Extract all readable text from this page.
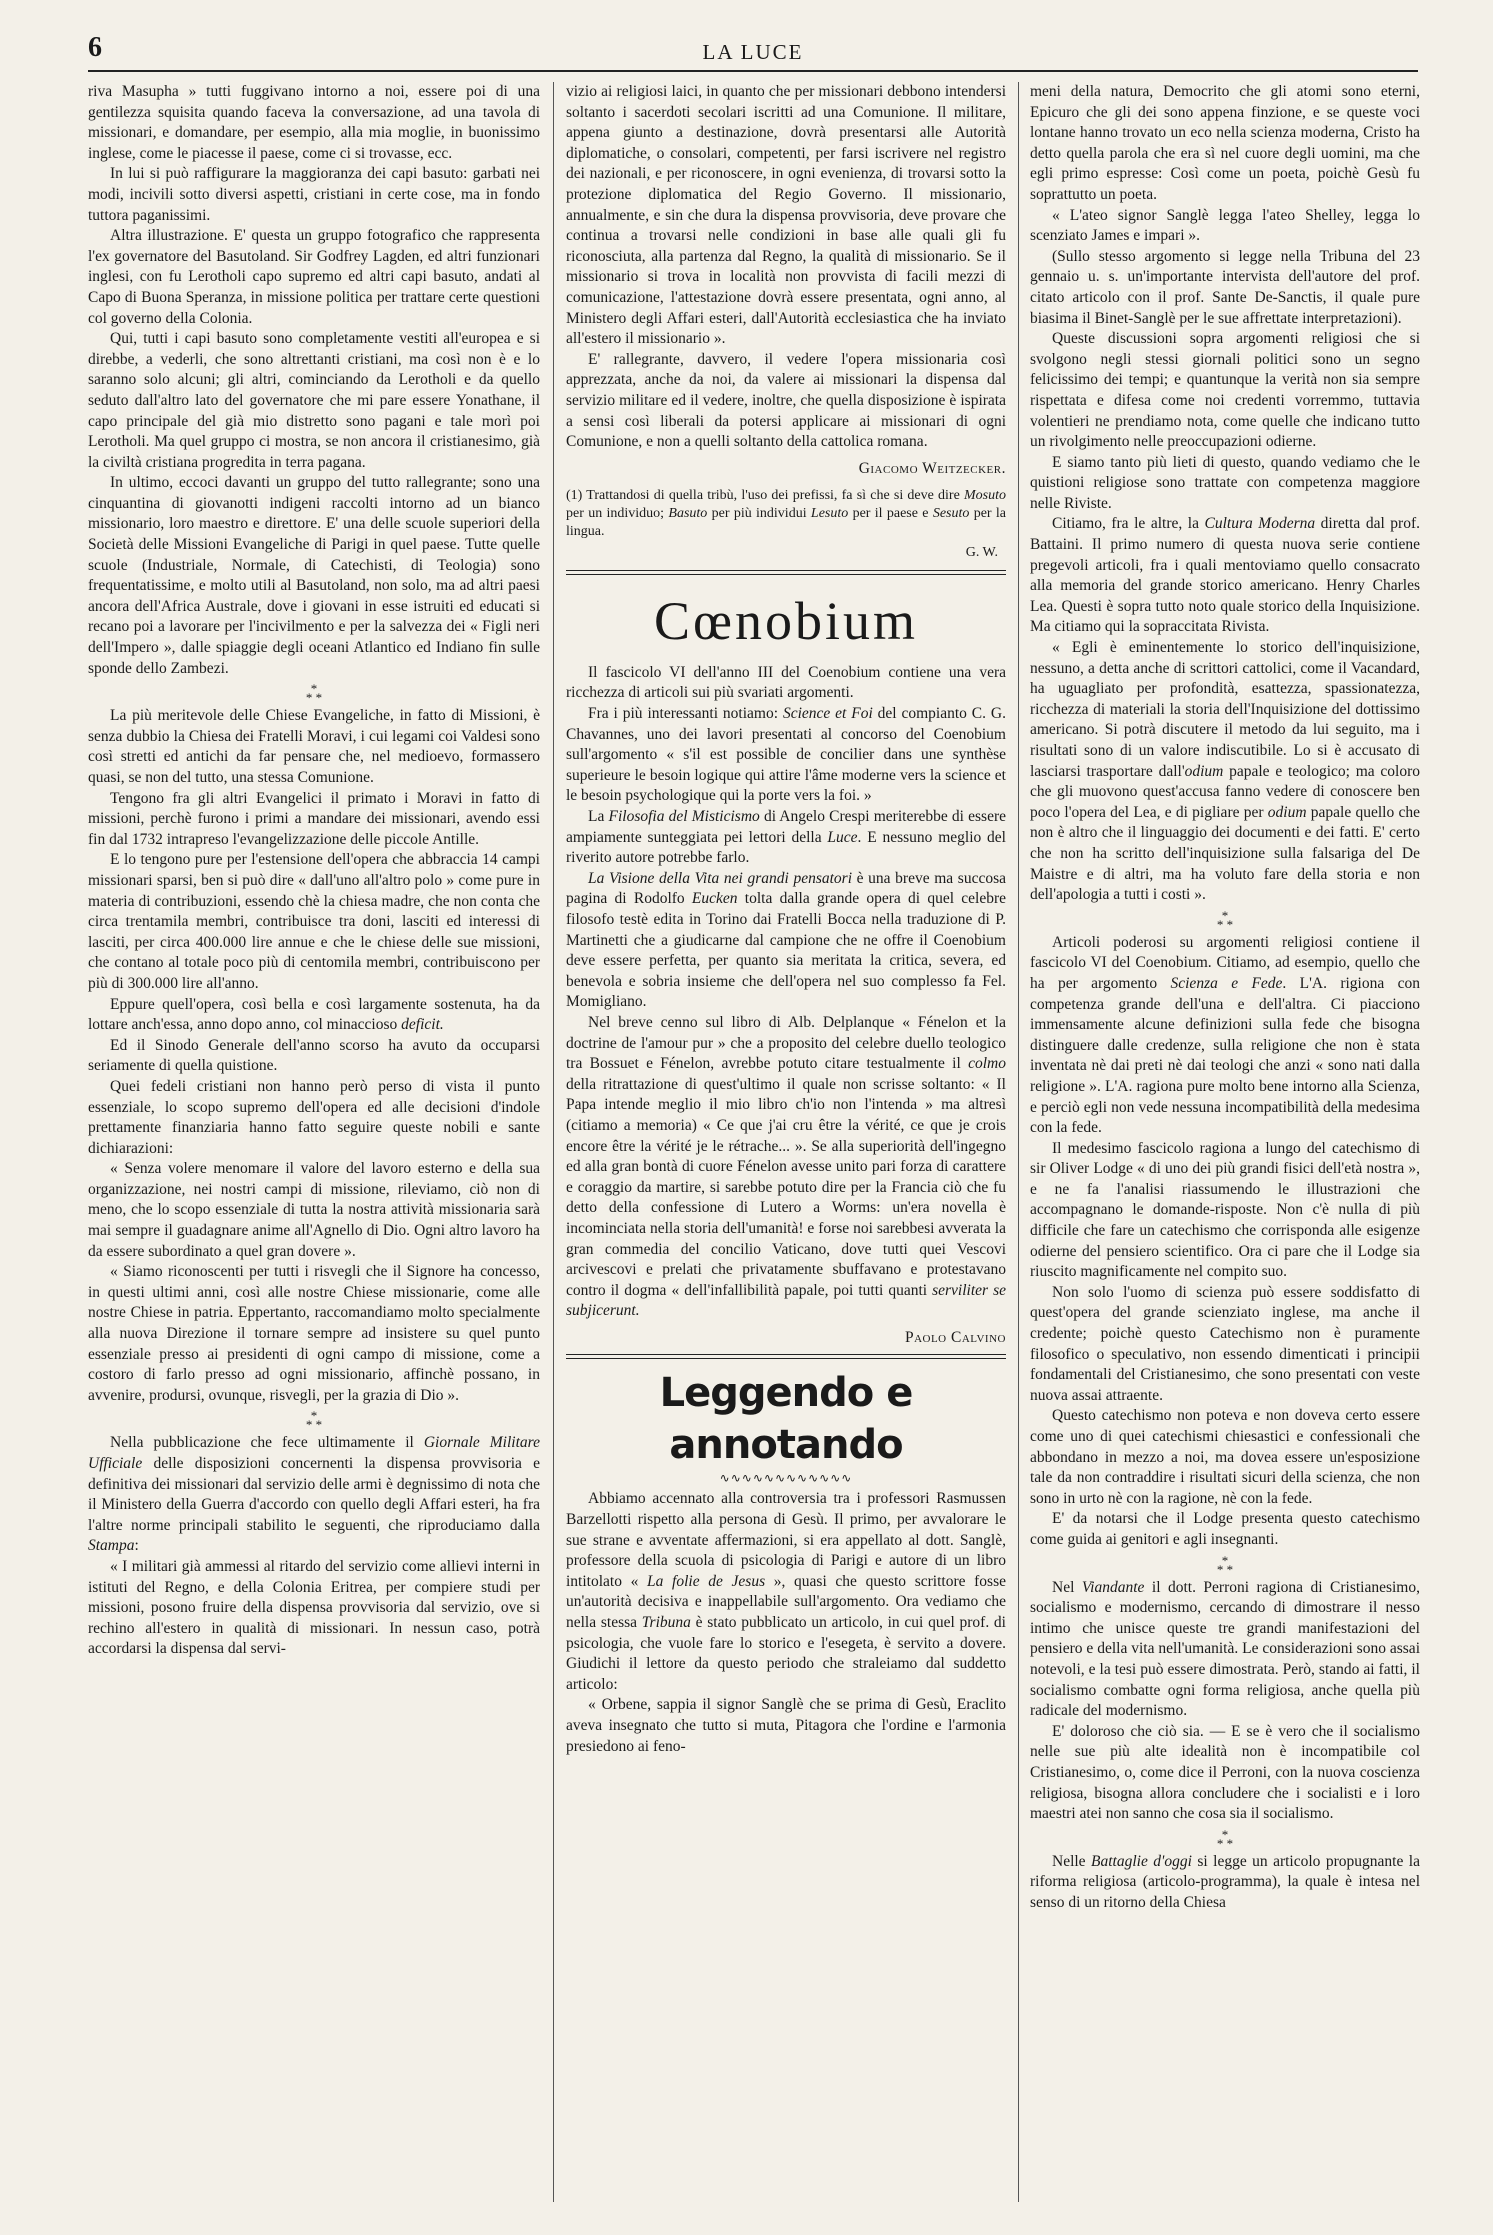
6	LA LUCE

riva Masupha » tutti fuggivano intorno a noi, essere poi di una gentilezza squisita quando faceva la conversazione, ad una tavola di missionari, e domandare, per esempio, alla mia moglie, in buonissimo inglese, come le piacesse il paese, come ci si trovasse, ecc.

In lui si può raffigurare la maggioranza dei capi basuto: garbati nei modi, incivili sotto diversi aspetti, cristiani in certe cose, ma in fondo tuttora paganissimi.

Altra illustrazione. E' questa un gruppo fotografico che rappresenta l'ex governatore del Basutoland. Sir Godfrey Lagden, ed altri funzionari inglesi, con fu Lerotholi capo supremo ed altri capi basuto, andati al Capo di Buona Speranza, in missione politica per trattare certe questioni col governo della Colonia.

Qui, tutti i capi basuto sono completamente vestiti all'europea e si direbbe, a vederli, che sono altrettanti cristiani, ma così non è e lo saranno solo alcuni; gli altri, cominciando da Lerotholi e da quello seduto dall'altro lato del governatore che mi pare essere Yonathane, il capo principale del già mio distretto sono pagani e tale morì poi Lerotholi. Ma quel gruppo ci mostra, se non ancora il cristianesimo, già la civiltà cristiana progredita in terra pagana.

In ultimo, eccoci davanti un gruppo del tutto rallegrante; sono una cinquantina di giovanotti indigeni raccolti intorno ad un bianco missionario, loro maestro e direttore. E' una delle scuole superiori della Società delle Missioni Evangeliche di Parigi in quel paese. Tutte quelle scuole (Industriale, Normale, di Catechisti, di Teologia) sono frequentatissime, e molto utili al Basutoland, non solo, ma ad altri paesi ancora dell'Africa Australe, dove i giovani in esse istruiti ed educati si recano poi a lavorare per l'incivilmento e per la salvezza dei « Figli neri dell'Impero », dalle spiaggie degli oceani Atlantico ed Indiano fin sulle sponde dello Zambezi.

*
* *

La più meritevole delle Chiese Evangeliche, in fatto di Missioni, è senza dubbio la Chiesa dei Fratelli Moravi, i cui legami coi Valdesi sono così stretti ed antichi da far pensare che, nel medioevo, formassero quasi, se non del tutto, una stessa Comunione.

Tengono fra gli altri Evangelici il primato i Moravi in fatto di missioni, perchè furono i primi a mandare dei missionari, avendo essi fin dal 1732 intrapreso l'evangelizzazione delle piccole Antille.

E lo tengono pure per l'estensione dell'opera che abbraccia 14 campi missionari sparsi, ben si può dire « dall'uno all'altro polo » come pure in materia di contribuzioni, essendo chè la chiesa madre, che non conta che circa trentamila membri, contribuisce tra doni, lasciti ed interessi di lasciti, per circa 400.000 lire annue e che le chiese delle sue missioni, che contano al totale poco più di centomila membri, contribuiscono per più di 300.000 lire all'anno.

Eppure quell'opera, così bella e così largamente sostenuta, ha da lottare anch'essa, anno dopo anno, col minaccioso deficit.

Ed il Sinodo Generale dell'anno scorso ha avuto da occuparsi seriamente di quella quistione.

Quei fedeli cristiani non hanno però perso di vista il punto essenziale, lo scopo supremo dell'opera ed alle decisioni d'indole prettamente finanziaria hanno fatto seguire queste nobili e sante dichiarazioni:

« Senza volere menomare il valore del lavoro esterno e della sua organizzazione, nei nostri campi di missione, rileviamo, ciò non di meno, che lo scopo essenziale di tutta la nostra attività missionaria sarà mai sempre il guadagnare anime all'Agnello di Dio. Ogni altro lavoro ha da essere subordinato a quel gran dovere ».

« Siamo riconoscenti per tutti i risvegli che il Signore ha concesso, in questi ultimi anni, così alle nostre Chiese missionarie, come alle nostre Chiese in patria. Eppertanto, raccomandiamo molto specialmente alla nuova Direzione il tornare sempre ad insistere su quel punto essenziale presso ai presidenti di ogni campo di missione, come a costoro di farlo presso ad ogni missionario, affinchè possano, in avvenire, prodursi, ovunque, risvegli, per la grazia di Dio ».

*
* *

Nella pubblicazione che fece ultimamente il Giornale Militare Ufficiale delle disposizioni concernenti la dispensa provvisoria e definitiva dei missionari dal servizio delle armi è degnissimo di nota che il Ministero della Guerra d'accordo con quello degli Affari esteri, ha fra l'altre norme principali stabilito le seguenti, che riproduciamo dalla Stampa:

« I militari già ammessi al ritardo del servizio come allievi interni in istituti del Regno, e della Colonia Eritrea, per compiere studi per missioni, posono fruire della dispensa provvisoria dal servizio, ove si rechino all'estero in qualità di missionari. In nessun caso, potrà accordarsi la dispensa dal servi-

vizio ai religiosi laici, in quanto che per missionari debbono intendersi soltanto i sacerdoti secolari iscritti ad una Comunione. Il militare, appena giunto a destinazione, dovrà presentarsi alle Autorità diplomatiche, o consolari, competenti, per farsi iscrivere nel registro dei nazionali, e per riconoscere, in ogni evenienza, di trovarsi sotto la protezione diplomatica del Regio Governo. Il missionario, annualmente, e sin che dura la dispensa provvisoria, deve provare che continua a trovarsi nelle condizioni in base alle quali gli fu riconosciuta, alla partenza dal Regno, la qualità di missionario. Se il missionario si trova in località non provvista di facili mezzi di comunicazione, l'attestazione dovrà essere presentata, ogni anno, al Ministero degli Affari esteri, dall'Autorità ecclesiastica che ha inviato all'estero il missionario ».

E' rallegrante, davvero, il vedere l'opera missionaria così apprezzata, anche da noi, da valere ai missionari la dispensa dal servizio militare ed il vedere, inoltre, che quella disposizione è ispirata a sensi così liberali da potersi applicare ai missionari di ogni Comunione, e non a quelli soltanto della cattolica romana.

Giacomo Weitzecker.
(1) Trattandosi di quella tribù, l'uso dei prefissi, fa sì che si deve dire Mosuto per un individuo; Basuto per più individui Lesuto per il paese e Sesuto per la lingua.
G. W.
Cœnobium

Il fascicolo VI dell'anno III del Coenobium contiene una vera ricchezza di articoli sui più svariati argomenti.

Fra i più interessanti notiamo: Science et Foi del compianto C. G. Chavannes, uno dei lavori presentati al concorso del Coenobium sull'argomento « s'il est possible de concilier dans une synthèse superieure le besoin logique qui attire l'âme moderne vers la science et le besoin psychologique qui la porte vers la foi. »

La Filosofia del Misticismo di Angelo Crespi meriterebbe di essere ampiamente sunteggiata pei lettori della Luce. E nessuno meglio del riverito autore potrebbe farlo.

La Visione della Vita nei grandi pensatori è una breve ma succosa pagina di Rodolfo Eucken tolta dalla grande opera di quel celebre filosofo testè edita in Torino dai Fratelli Bocca nella traduzione di P. Martinetti che a giudicarne dal campione che ne offre il Coenobium deve essere perfetta, per quanto sia meritata la critica, severa, ed benevola e sobria insieme che dell'opera nel suo complesso fa Fel. Momigliano.

Nel breve cenno sul libro di Alb. Delplanque « Fénelon et la doctrine de l'amour pur » che a proposito del celebre duello teologico tra Bossuet e Fénelon, avrebbe potuto citare testualmente il colmo della ritrattazione di quest'ultimo il quale non scrisse soltanto: « Il Papa intende meglio il mio libro ch'io non l'intenda » ma altresì (citiamo a memoria) « Ce que j'ai cru être la vérité, ce que je crois encore être la vérité je le rétrache... ». Se alla superiorità dell'ingegno ed alla gran bontà di cuore Fénelon avesse unito pari forza di carattere e coraggio da martire, si sarebbe potuto dire per la Francia ciò che fu detto della confessione di Lutero a Worms: un'era novella è incominciata nella storia dell'umanità! e forse noi sarebbesi avverata la gran commedia del concilio Vaticano, dove tutti quei Vescovi arcivescovi e prelati che privatamente sbuffavano e protestavano contro il dogma « dell'infallibilità papale, poi tutti quanti serviliter se subjicerunt.

Paolo Calvino
Leggendo e annotando
∿∿∿∿∿∿∿∿∿∿∿∿

Abbiamo accennato alla controversia tra i professori Rasmussen Barzellotti rispetto alla persona di Gesù. Il primo, per avvalorare le sue strane e avventate affermazioni, si era appellato al dott. Sanglè, professore della scuola di psicologia di Parigi e autore di un libro intitolato « La folie de Jesus », quasi che questo scrittore fosse un'autorità decisiva e inappellabile sull'argomento. Ora vediamo che nella stessa Tribuna è stato pubblicato un articolo, in cui quel prof. di psicologia, che vuole fare lo storico e l'esegeta, è servito a dovere. Giudichi il lettore da questo periodo che straleiamo dal suddetto articolo:

« Orbene, sappia il signor Sanglè che se prima di Gesù, Eraclito aveva insegnato che tutto si muta, Pitagora che l'ordine e l'armonia presiedono ai feno-

meni della natura, Democrito che gli atomi sono eterni, Epicuro che gli dei sono appena finzione, e se queste voci lontane hanno trovato un eco nella scienza moderna, Cristo ha detto quella parola che era sì nel cuore degli uomini, ma che egli primo espresse: Così come un poeta, poichè Gesù fu soprattutto un poeta.

« L'ateo signor Sanglè legga l'ateo Shelley, legga lo scenziato James e impari ».

(Sullo stesso argomento si legge nella Tribuna del 23 gennaio u. s. un'importante intervista dell'autore del prof. citato articolo con il prof. Sante De-Sanctis, il quale pure biasima il Binet-Sanglè per le sue affrettate interpretazioni).

Queste discussioni sopra argomenti religiosi che si svolgono negli stessi giornali politici sono un segno felicissimo dei tempi; e quantunque la verità non sia sempre rispettata e difesa come noi credenti vorremmo, tuttavia volentieri ne prendiamo nota, come quelle che indicano tutto un rivolgimento nelle preoccupazioni odierne.

E siamo tanto più lieti di questo, quando vediamo che le quistioni religiose sono trattate con competenza maggiore nelle Riviste.

Citiamo, fra le altre, la Cultura Moderna diretta dal prof. Battaini. Il primo numero di questa nuova serie contiene pregevoli articoli, fra i quali mentoviamo quello consacrato alla memoria del grande storico americano. Henry Charles Lea. Questi è sopra tutto noto quale storico della Inquisizione. Ma citiamo qui la sopraccitata Rivista.

« Egli è eminentemente lo storico dell'inquisizione, nessuno, a detta anche di scrittori cattolici, come il Vacandard, ha uguagliato per profondità, esattezza, spassionatezza, ricchezza di materiali la storia dell'Inquisizione del dottissimo americano. Si potrà discutere il metodo da lui seguito, ma i risultati sono di un valore indiscutibile. Lo si è accusato di lasciarsi trasportare dall'odium papale e teologico; ma coloro che gli muovono quest'accusa fanno vedere di conoscere ben poco l'opera del Lea, e di pigliare per odium papale quello che non è altro che il linguaggio dei documenti e dei fatti. E' certo che non ha scritto dell'inquisizione sulla falsariga del De Maistre e di altri, ma ha voluto fare della storia e non dell'apologia a tutti i costi ».

*
* *

Articoli poderosi su argomenti religiosi contiene il fascicolo VI del Coenobium. Citiamo, ad esempio, quello che ha per argomento Scienza e Fede. L'A. rigiona con competenza grande dell'una e dell'altra. Ci piacciono immensamente alcune definizioni sulla fede che bisogna distinguere dalle credenze, sulla religione che non è stata inventata nè dai preti nè dai teologi che anzi « sono nati dalla religione ». L'A. ragiona pure molto bene intorno alla Scienza, e perciò egli non vede nessuna incompatibilità della medesima con la fede.

Il medesimo fascicolo ragiona a lungo del catechismo di sir Oliver Lodge « di uno dei più grandi fisici dell'età nostra », e ne fa l'analisi riassumendo le illustrazioni che accompagnano le domande-risposte. Non c'è nulla di più difficile che fare un catechismo che corrisponda alle esigenze odierne del pensiero scientifico. Ora ci pare che il Lodge sia riuscito magnificamente nel compito suo.

Non solo l'uomo di scienza può essere soddisfatto di quest'opera del grande scienziato inglese, ma anche il credente; poichè questo Catechismo non è puramente filosofico o speculativo, non essendo dimenticati i principii fondamentali del Cristianesimo, che sono presentati con veste nuova assai attraente.

Questo catechismo non poteva e non doveva certo essere come uno di quei catechismi chiesastici e confessionali che abbondano in mezzo a noi, ma dovea essere un'esposizione tale da non contraddire i risultati sicuri della scienza, che non sono in urto nè con la ragione, nè con la fede.

E' da notarsi che il Lodge presenta questo catechismo come guida ai genitori e agli insegnanti.

*
* *

Nel Viandante il dott. Perroni ragiona di Cristianesimo, socialismo e modernismo, cercando di dimostrare il nesso intimo che unisce queste tre grandi manifestazioni del pensiero e della vita nell'umanità. Le considerazioni sono assai notevoli, e la tesi può essere dimostrata. Però, stando ai fatti, il socialismo combatte ogni forma religiosa, anche quella più radicale del modernismo.

E' doloroso che ciò sia. — E se è vero che il socialismo nelle sue più alte idealità non è incompatibile col Cristianesimo, o, come dice il Perroni, con la nuova coscienza religiosa, bisogna allora concludere che i socialisti e i loro maestri atei non sanno che cosa sia il socialismo.

*
* *

Nelle Battaglie d'oggi si legge un articolo propugnante la riforma religiosa (articolo-programma), la quale è intesa nel senso di un ritorno della Chiesa
